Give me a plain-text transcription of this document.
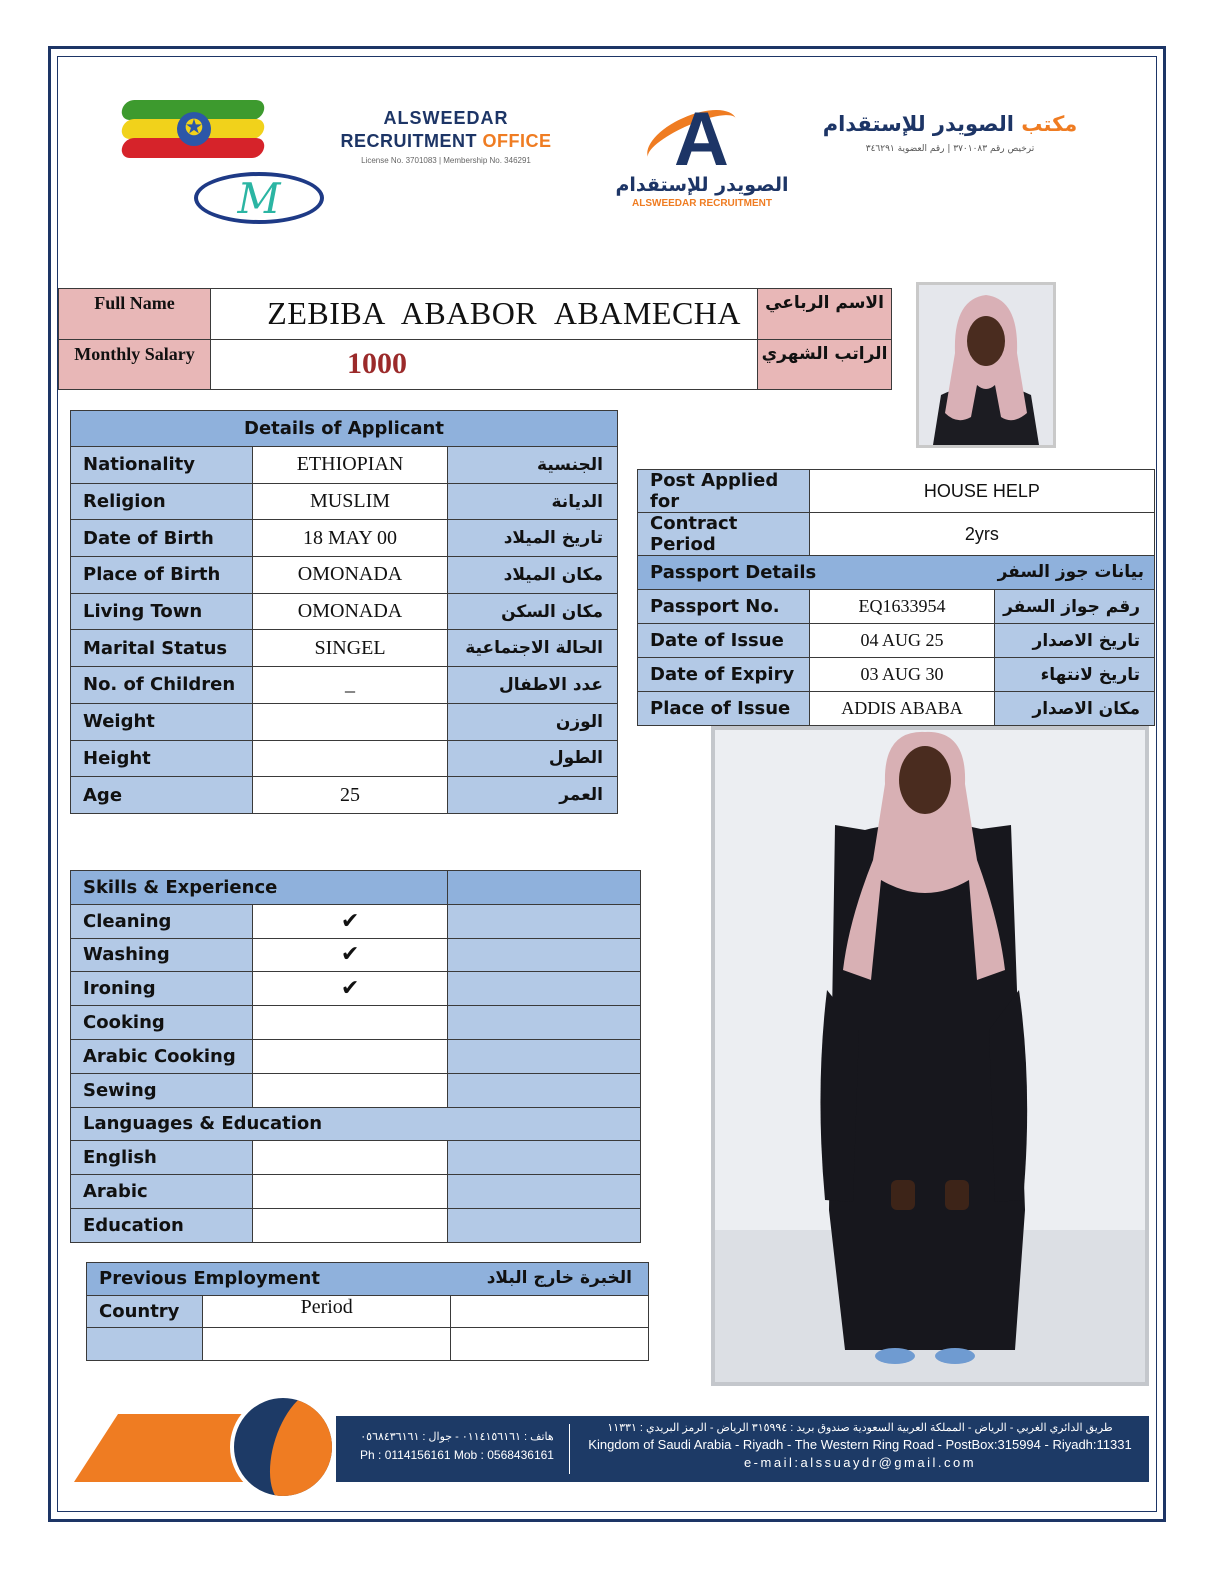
✪
M
ALSWEEDAR
RECRUITMENT OFFICE
License No. 3701083 | Membership No. 346291	A
الصويدر للإستقدام
ALSWEEDAR RECRUITMENT
مكتب الصويدر للإستقدام
ترخيص رقم ٣٧٠١٠٨٣ | رقم العضوية ٣٤٦٢٩١
Full Name	ZEBIBA ABABOR ABAMECHA	الاسم الرباعي
Monthly Salary	1000	الراتب الشهري
Details of Applicant		
Nationality	ETHIOPIAN	الجنسية
Religion	MUSLIM	الديانة
Date of Birth	18 MAY 00	تاريخ الميلاد
Place of Birth	OMONADA	مكان الميلاد
Living Town	OMONADA	مكان السكن
Marital Status	SINGEL	الحالة الاجتماعية
No. of Children	_	عدد الاطفال
Weight		الوزن
Height		الطول
Age	25	العمر
Post Applied for	HOUSE HELP	
Contract Period	2yrs	
Passport Details بيانات جوز السفر		

Passport No.	EQ1633954	رقم جواز السفر
Date of Issue	04 AUG 25	تاريخ الاصدار
Date of Expiry	03 AUG 30	تاريخ لانتهاء
Place of Issue	ADDIS ABABA	مكان الاصدار
Skills & Experience		
Cleaning	✔	
Washing	✔	
Ironing	✔	
Cooking		
Arabic Cooking		
Sewing		
Languages & Education		
English		
Arabic		
Education		
Previous Employment الخبرة خارج البلاد		

Country	Period	

هاتف : ٠١١٤١٥٦١٦١ - جوال : ٠٥٦٨٤٣٦١٦١
Ph : 0114156161 Mob : 0568436161
طريق الدائري الغربي - الرياض - المملكة العربية السعودية صندوق بريد : ٣١٥٩٩٤ الرياض - الرمز البريدي : ١١٣٣١
Kingdom of Saudi Arabia - Riyadh - The Western Ring Road - PostBox:315994 - Riyadh:11331
e-mail:alssuaydr@gmail.com
